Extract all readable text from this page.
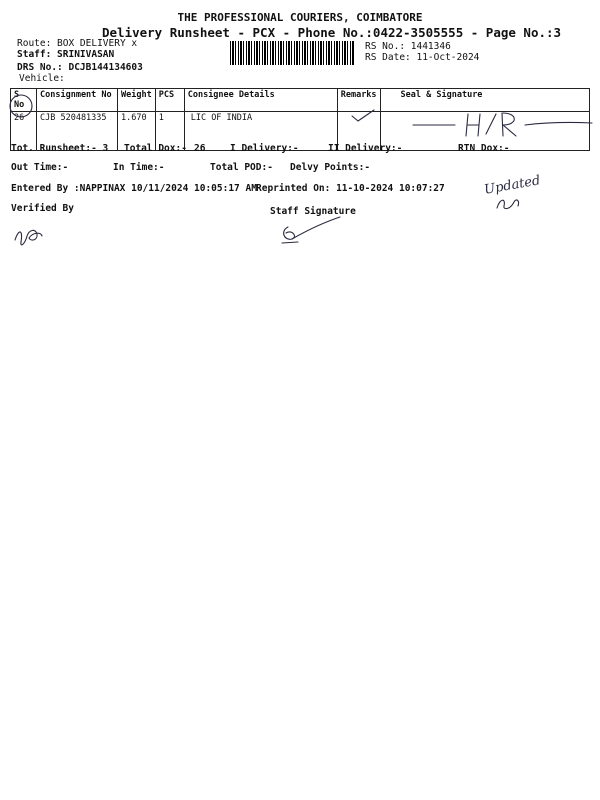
THE PROFESSIONAL COURIERS, COIMBATORE
Delivery Runsheet - PCX - Phone No.:0422-3505555 - Page No.:3
Route: BOX DELIVERY x
Staff: SRINIVASAN
DRS No.: DCJB144134603
Vehicle:
RS No.: 1441346
RS Date: 11-Oct-2024
S No	Consignment No	Weight	PCS	Consignee Details	Remarks	Seal & Signature
26	CJB 520481335	1.670	1	LIC OF INDIA		
Tot. Runsheet:- 3 Total Dox:- 26	I Delivery:-	II Delivery:-	RTN Dox:-
Out Time:-	In Time:-	Total POD:- Delvy Points:-
Entered By :NAPPINAX 10/11/2024 10:05:17 AM Reprinted On: 11-10-2024 10:07:27	Updated
Verified By	Staff Signature
